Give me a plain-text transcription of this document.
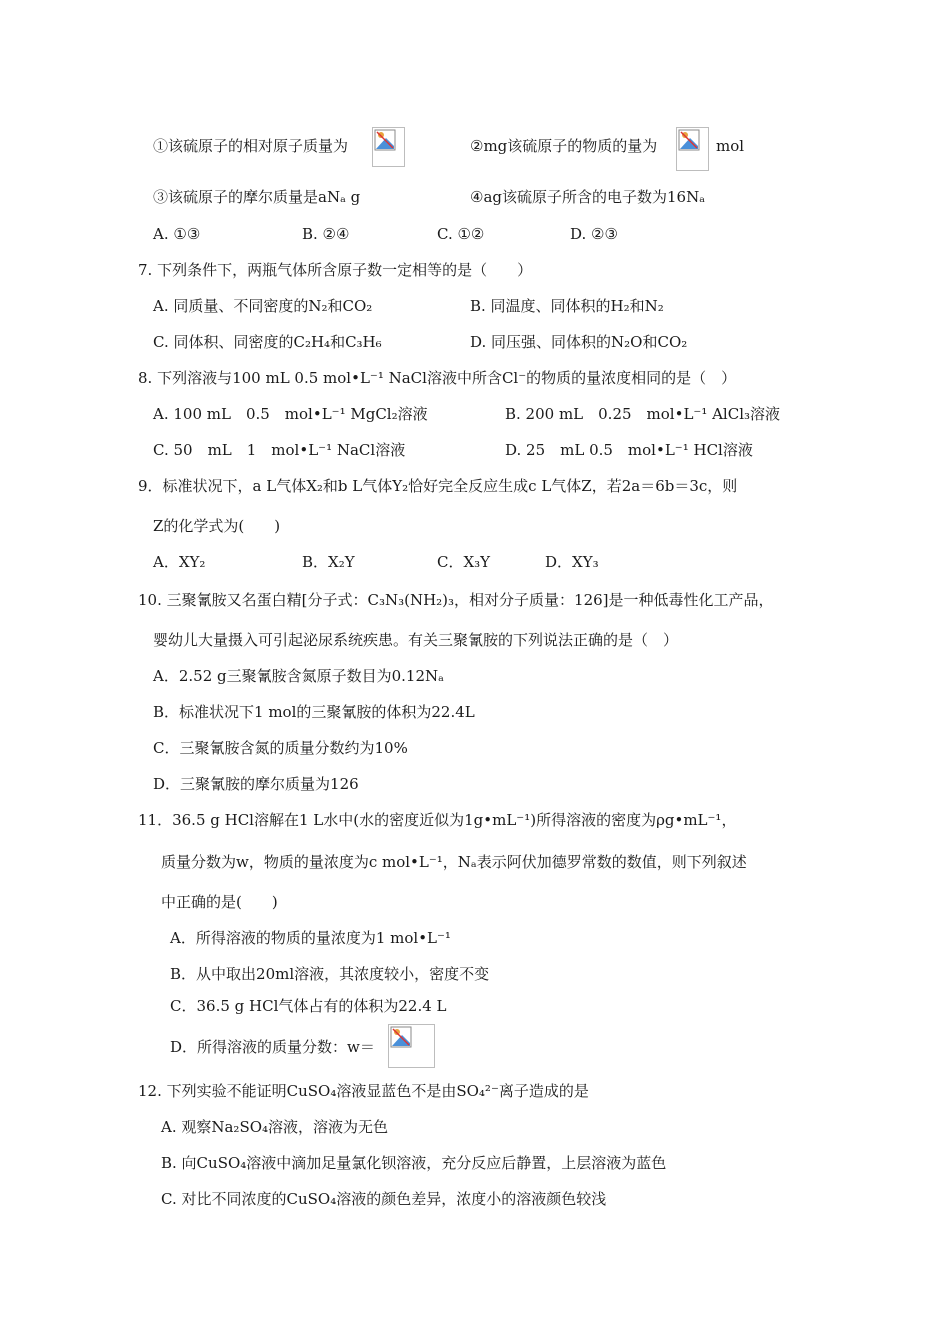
①该硫原子的相对原子质量为	②mg该硫原子的物质的量为	mol
③该硫原子的摩尔质量是aNₐ g	④ag该硫原子所含的电子数为16Nₐ
A. ①③	B. ②④	C. ①②	D. ②③
7. 下列条件下，两瓶气体所含原子数一定相等的是（　　）
A. 同质量、不同密度的N₂和CO₂	B. 同温度、同体积的H₂和N₂
C. 同体积、同密度的C₂H₄和C₃H₆	D. 同压强、同体积的N₂O和CO₂
8. 下列溶液与100 mL 0.5 mol•L⁻¹ NaCl溶液中所含Cl⁻的物质的量浓度相同的是（　）
A. 100 mL　0.5　mol•L⁻¹ MgCl₂溶液	B. 200 mL　0.25　mol•L⁻¹ AlCl₃溶液
C. 50　mL　1　mol•L⁻¹ NaCl溶液	D. 25　mL 0.5　mol•L⁻¹ HCl溶液
9．标准状况下，a L气体X₂和b L气体Y₂恰好完全反应生成c L气体Z，若2a＝6b＝3c，则
Z的化学式为(　　)
A．XY₂	B．X₂Y	C．X₃Y	D．XY₃
10. 三聚氰胺又名蛋白精[分子式：C₃N₃(NH₂)₃，相对分子质量：126]是一种低毒性化工产品，
婴幼儿大量摄入可引起泌尿系统疾患。有关三聚氰胺的下列说法正确的是（　）
A．2.52 g三聚氰胺含氮原子数目为0.12Nₐ
B．标准状况下1 mol的三聚氰胺的体积为22.4L
C．三聚氰胺含氮的质量分数约为10%
D．三聚氰胺的摩尔质量为126
11．36.5 g HCl溶解在1 L水中(水的密度近似为1g•mL⁻¹)所得溶液的密度为ρg•mL⁻¹，
质量分数为w，物质的量浓度为c mol•L⁻¹，Nₐ表示阿伏加德罗常数的数值，则下列叙述
中正确的是(　　)
A．所得溶液的物质的量浓度为1 mol•L⁻¹
B．从中取出20ml溶液，其浓度较小，密度不变
C．36.5 g HCl气体占有的体积为22.4 L
D．所得溶液的质量分数：w＝
12. 下列实验不能证明CuSO₄溶液显蓝色不是由SO₄²⁻离子造成的是
A. 观察Na₂SO₄溶液，溶液为无色
B. 向CuSO₄溶液中滴加足量氯化钡溶液，充分反应后静置，上层溶液为蓝色
C. 对比不同浓度的CuSO₄溶液的颜色差异，浓度小的溶液颜色较浅
